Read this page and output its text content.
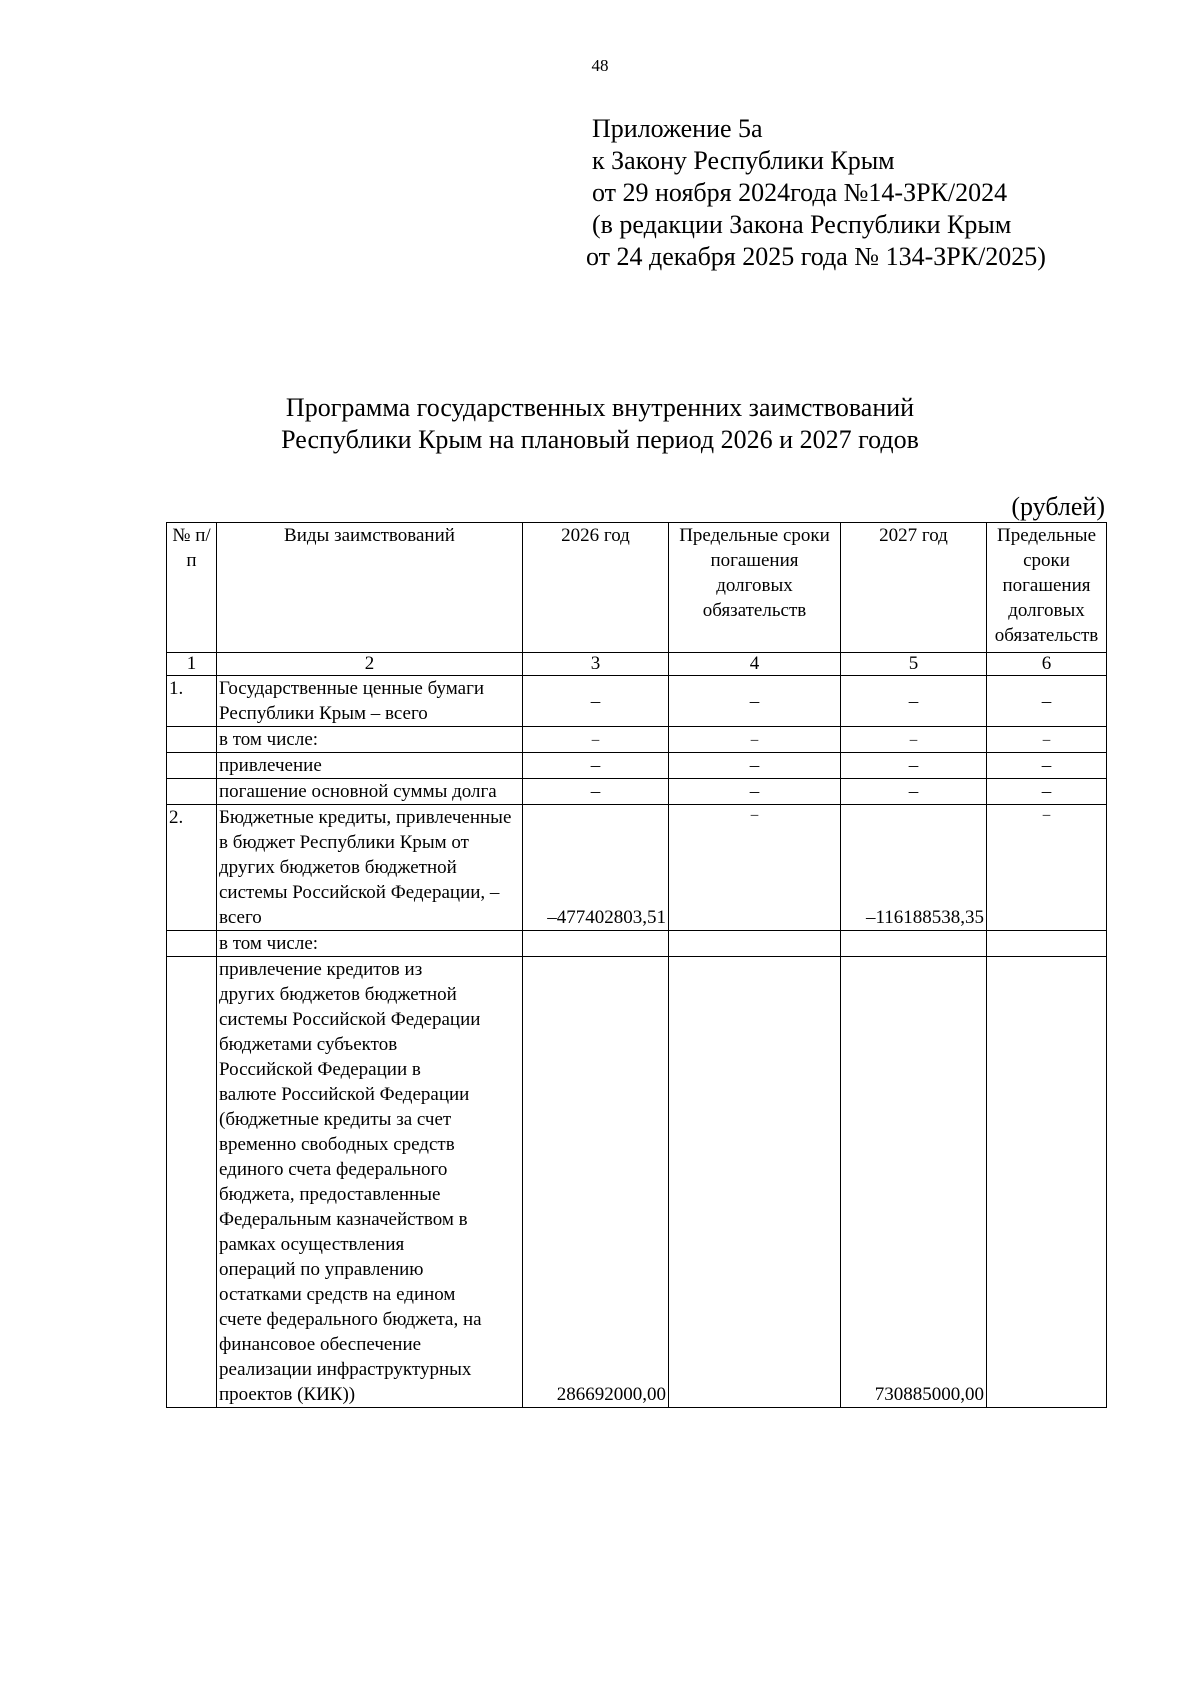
48
Приложение 5а
к Закону Республики Крым
от 29 ноября 2024года №14-ЗРК/2024
(в редакции Закона Республики Крым
от 24 декабря 2025 года № 134-ЗРК/2025)
Программа государственных внутренних заимствований
Республики Крым на плановый период 2026 и 2027 годов
(рублей)
№ п/п	Виды заимствований	2026 год	Предельные сроки погашения долговых обязательств	2027 год	Предельные сроки погашения долговых обязательств
1	2	3	4	5	6
1.	Государственные ценные бумаги Республики Крым – всего	–	–	–	–
	в том числе:	–	–	–	–
	привлечение	–	–	–	–
	погашение основной суммы долга	–	–	–	–
2.	Бюджетные кредиты, привлеченные в бюджет Республики Крым от других бюджетов бюджетной системы Российской Федерации, – всего	–477402803,51	–	–116188538,35	–
	в том числе:				
	привлечение кредитов из других бюджетов бюджетной системы Российской Федерации бюджетами субъектов Российской Федерации в валюте Российской Федерации (бюджетные кредиты за счет временно свободных средств единого счета федерального бюджета, предоставленные Федеральным казначейством в рамках осуществления операций по управлению остатками средств на едином счете федерального бюджета, на финансовое обеспечение реализации инфраструктурных проектов (КИК))	286692000,00		730885000,00	
